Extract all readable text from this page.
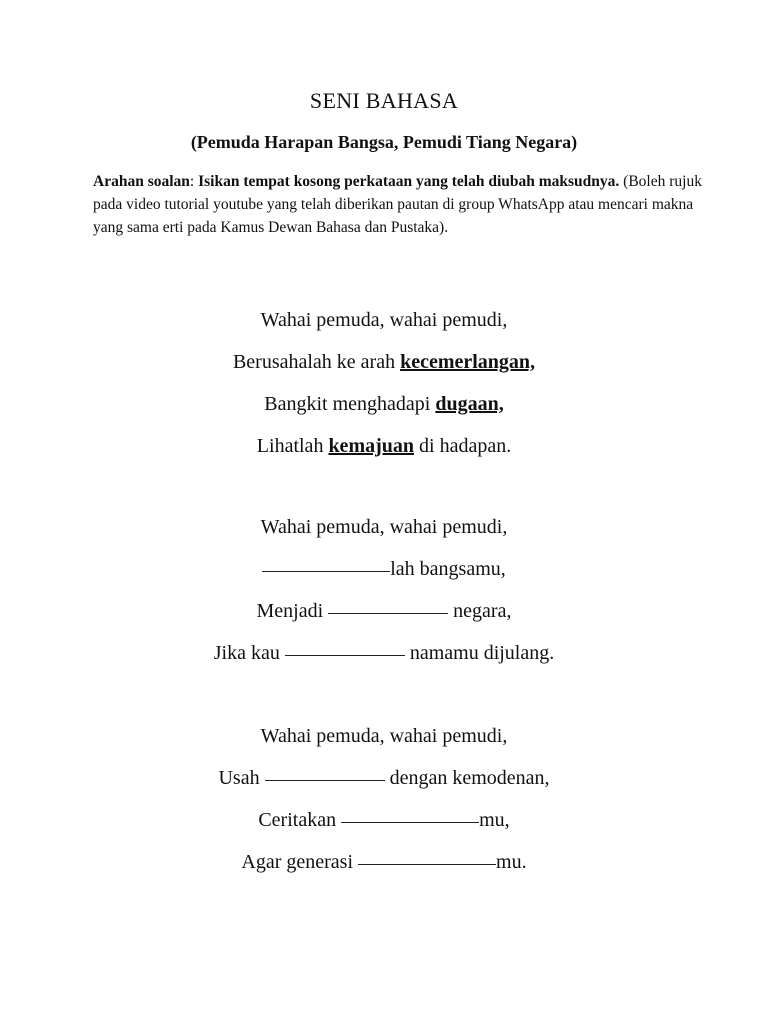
SENI BAHASA
(Pemuda Harapan Bangsa, Pemudi Tiang Negara)
Arahan soalan: Isikan tempat kosong perkataan yang telah diubah maksudnya. (Boleh rujuk pada video tutorial youtube yang telah diberikan pautan di group WhatsApp atau mencari makna yang sama erti pada Kamus Dewan Bahasa dan Pustaka).
Wahai pemuda, wahai pemudi,
Berusahalah ke arah kecemerlangan,
Bangkit menghadapi dugaan,
Lihatlah kemajuan di hadapan.
Wahai pemuda, wahai pemudi,
lah bangsamu,
Menjadi	negara,
Jika kau	namamu dijulang.
Wahai pemuda, wahai pemudi,
Usah	dengan kemodenan,
Ceritakan	mu,
Agar generasi	mu.
